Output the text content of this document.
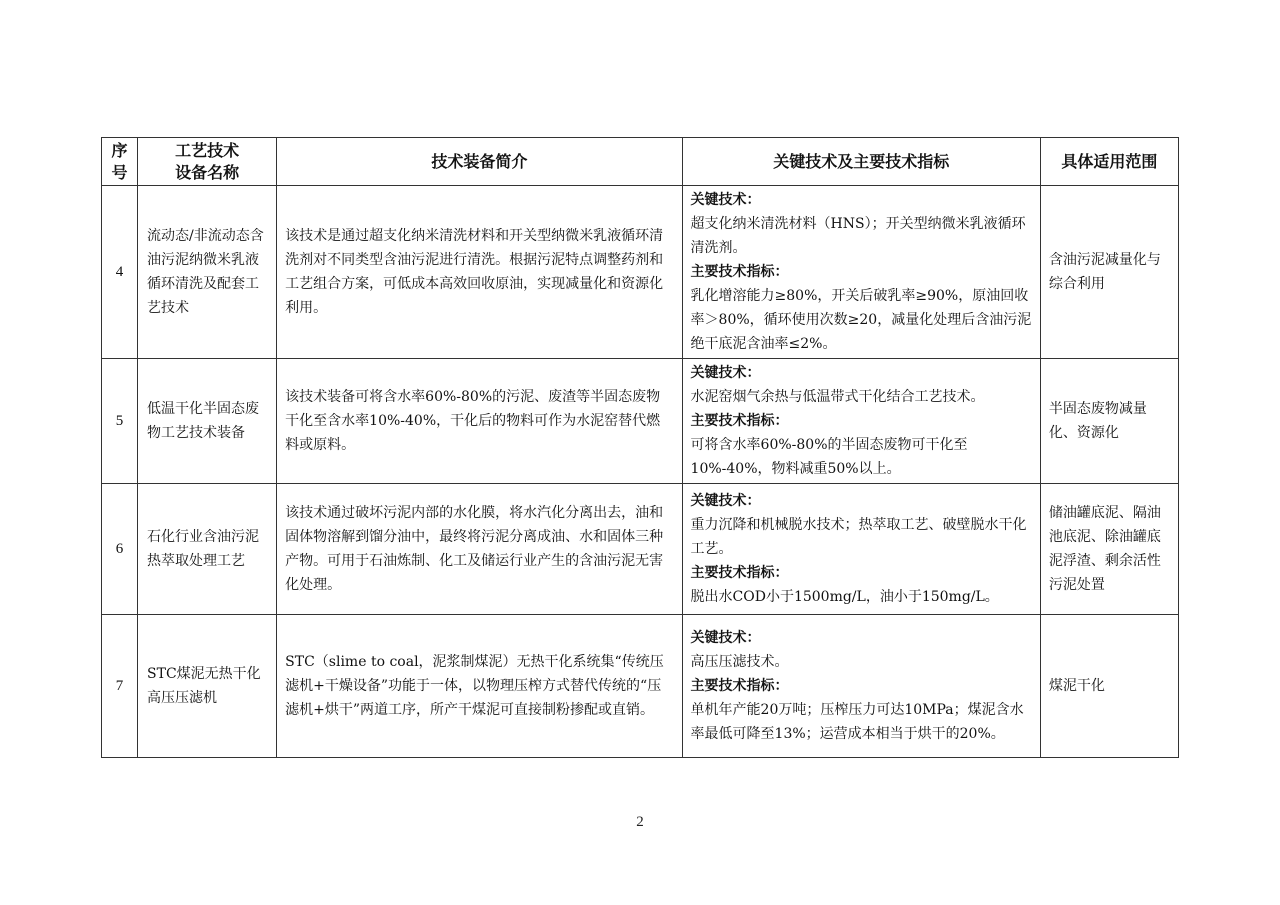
序号	工艺技术设备名称	技术装备简介	关键技术及主要技术指标	具体适用范围
4	流动态/非流动态含油污泥纳微米乳液循环清洗及配套工艺技术	该技术是通过超支化纳米清洗材料和开关型纳微米乳液循环清洗剂对不同类型含油污泥进行清洗。根据污泥特点调整药剂和工艺组合方案，可低成本高效回收原油，实现减量化和资源化利用。	关键技术：
超支化纳米清洗材料（HNS）；开关型纳微米乳液循环清洗剂。
主要技术指标：
乳化增溶能力≥80%，开关后破乳率≥90%，原油回收率＞80%，循环使用次数≥20，减量化处理后含油污泥绝干底泥含油率≤2%。	含油污泥减量化与综合利用
5	低温干化半固态废物工艺技术装备	该技术装备可将含水率60%-80%的污泥、废渣等半固态废物干化至含水率10%-40%，干化后的物料可作为水泥窑替代燃料或原料。	关键技术：
水泥窑烟气余热与低温带式干化结合工艺技术。
主要技术指标：
可将含水率60%-80%的半固态废物可干化至10%-40%，物料减重50%以上。	半固态废物减量化、资源化
6	石化行业含油污泥热萃取处理工艺	该技术通过破坏污泥内部的水化膜，将水汽化分离出去，油和固体物溶解到馏分油中，最终将污泥分离成油、水和固体三种产物。可用于石油炼制、化工及储运行业产生的含油污泥无害化处理。	关键技术：
重力沉降和机械脱水技术；热萃取工艺、破壁脱水干化工艺。
主要技术指标：
脱出水COD小于1500mg/L，油小于150mg/L。	储油罐底泥、隔油池底泥、除油罐底泥浮渣、剩余活性污泥处置
7	STC煤泥无热干化高压压滤机	STC（slime to coal，泥浆制煤泥）无热干化系统集“传统压滤机+干燥设备”功能于一体，以物理压榨方式替代传统的“压滤机+烘干”两道工序，所产干煤泥可直接制粉掺配或直销。	关键技术：
高压压滤技术。
主要技术指标：
单机年产能20万吨；压榨压力可达10MPa；煤泥含水率最低可降至13%；运营成本相当于烘干的20%。	煤泥干化
2
